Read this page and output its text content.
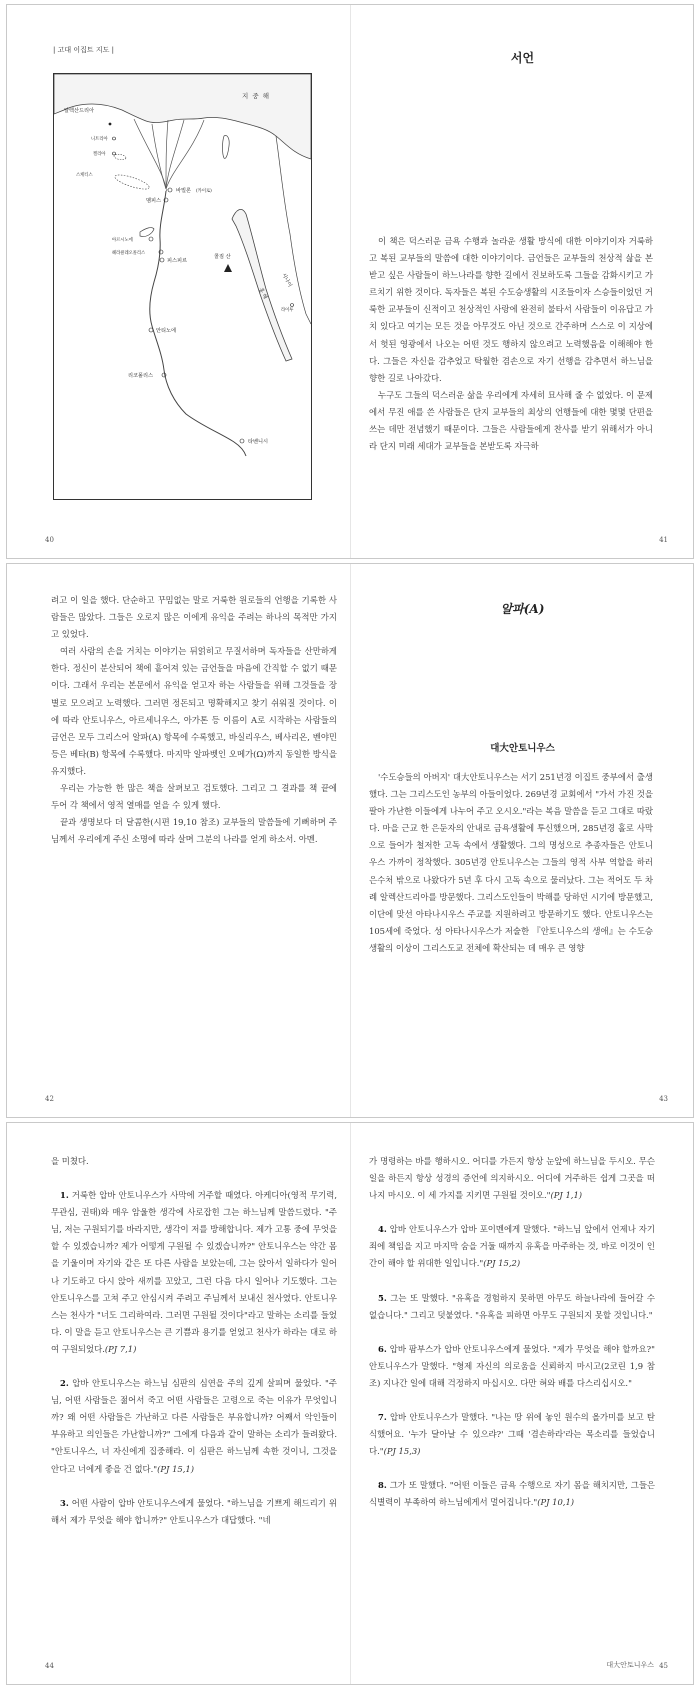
| 고대 이집트 지도 |
지 중 해
홍 해
시나이
알렉산드리아
니트리아
켈리아
스케티스
바빌론 (카이로)
멤피스
아르시노에
헤라클레오폴리스
피스피르
콜짐 산
라이투
안티노에
리코폴리스
타벤니시
40
서언

이 책은 덕스러운 금욕 수행과 놀라운 생활 방식에 대한 이야기이자 거룩하고 복된 교부들의 말씀에 대한 이야기이다. 금언들은 교부들의 천상적 삶을 본받고 싶은 사람들이 하느나라를 향한 길에서 진보하도록 그들을 감화시키고 가르치기 위한 것이다. 독자들은 복된 수도승생활의 시조들이자 스승들이었던 거룩한 교부들이 신적이고 천상적인 사랑에 완전히 불타서 사람들이 이유답고 가치 있다고 여기는 모든 것을 아무것도 아닌 것으로 간주하며 스스로 이 지상에서 헛된 영광에서 나오는 어떤 것도 행하지 않으려고 노력했음을 이해해야 한다. 그들은 자신을 감추었고 탁월한 겸손으로 자기 선행을 감추면서 하느님을 향한 길로 나아갔다.

누구도 그들의 덕스러운 삶을 우리에게 자세히 묘사해 줄 수 없었다. 이 문제에서 무진 애를 쓴 사람들은 단지 교부들의 최상의 언행들에 대한 몇몇 단편을 쓰는 데만 전념했기 때문이다. 그들은 사람들에게 찬사를 받기 위해서가 아니라 단지 미래 세대가 교부들을 본받도록 자극하

41

려고 이 일을 했다. 단순하고 꾸밈없는 말로 거룩한 원로들의 언행을 기록한 사람들은 많았다. 그들은 오로지 많은 이에게 유익을 주려는 하나의 목적만 가지고 있었다.

여러 사람의 손을 거치는 이야기는 뒤얽히고 무질서하며 독자들을 산만하게 한다. 정신이 분산되어 책에 흩어져 있는 금언들을 마음에 간직할 수 없기 때문이다. 그래서 우리는 본문에서 유익을 얻고자 하는 사람들을 위해 그것들을 장별로 모으려고 노력했다. 그러면 정돈되고 명확해지고 찾기 쉬워질 것이다. 이에 따라 안토니우스, 아르세니우스, 아가톤 등 이름이 A로 시작하는 사람들의 금언은 모두 그리스어 알파(A) 항목에 수록했고, 바실리우스, 베사리온, 벤야민 등은 베타(B) 항목에 수록했다. 마지막 알파벳인 오메가(Ω)까지 동일한 방식을 유지했다.

우리는 가능한 한 많은 책을 살펴보고 검토했다. 그리고 그 결과를 책 끝에 두어 각 책에서 영적 열매를 얻을 수 있게 했다.

끝과 생명보다 더 달콤한(시편 19,10 참조) 교부들의 말씀들에 기뻐하며 주님께서 우리에게 주신 소명에 따라 살며 그분의 나라를 얻게 하소서. 아멘.

42
알파(A)
대大안토니우스

'수도승들의 아버지' 대大안토니우스는 서기 251년경 이집트 중부에서 출생했다. 그는 그리스도인 농부의 아들이었다. 269년경 교회에서 "가서 가진 것을 팔아 가난한 이들에게 나누어 주고 오시오."라는 복음 말씀을 듣고 그대로 따랐다. 마을 근교 한 은둔자의 안내로 금욕생활에 투신했으며, 285년경 홀로 사막으로 들어가 철저한 고독 속에서 생활했다. 그의 명성으로 추종자들은 안토니우스 가까이 정착했다. 305년경 안토니우스는 그들의 영적 사부 역할을 하러 은수처 밖으로 나왔다가 5년 후 다시 고독 속으로 물러났다. 그는 적어도 두 차례 알렉산드리아를 방문했다. 그리스도인들이 박해를 당하던 시기에 방문했고, 이단에 맞선 아타나시우스 주교를 지원하려고 방문하기도 했다. 안토니우스는 105세에 죽었다. 성 아타나시우스가 저술한 『안토니우스의 생애』는 수도승생활의 이상이 그리스도교 전체에 확산되는 데 매우 큰 영향

43

을 미쳤다.

1. 거룩한 압바 안토니우스가 사막에 거주할 때였다. 아케디아(영적 무기력, 무관심, 권태)와 매우 암울한 생각에 사로잡힌 그는 하느님께 말씀드렸다. "주님, 저는 구원되기를 바라지만, 생각이 저를 방해합니다. 제가 고통 중에 무엇을 할 수 있겠습니까? 제가 어떻게 구원될 수 있겠습니까?" 안토니우스는 약간 몸을 기울이며 자기와 같은 또 다른 사람을 보았는데, 그는 앉아서 일하다가 일어나 기도하고 다시 앉아 새끼를 꼬았고, 그런 다음 다시 일어나 기도했다. 그는 안토니우스를 고쳐 주고 안심시켜 주려고 주님께서 보내신 천사였다. 안토니우스는 천사가 "너도 그리하여라. 그러면 구원될 것이다"라고 말하는 소리를 들었다. 이 말을 듣고 안토니우스는 큰 기쁨과 용기를 얻었고 천사가 하라는 대로 하여 구원되었다.(PJ 7,1)

2. 압바 안토니우스는 하느님 심판의 심연을 주의 깊게 살피며 물었다. "주님, 어떤 사람들은 젊어서 죽고 어떤 사람들은 고령으로 죽는 이유가 무엇입니까? 왜 어떤 사람들은 가난하고 다른 사람들은 부유합니까? 어째서 악인들이 부유하고 의인들은 가난합니까?" 그에게 다음과 같이 말하는 소리가 들려왔다. "안토니우스, 너 자신에게 집중해라. 이 심판은 하느님께 속한 것이니, 그것을 안다고 너에게 좋을 건 없다."(PJ 15,1)

3. 어떤 사람이 압바 안토니우스에게 물었다. "하느님을 기쁘게 해드리기 위해서 제가 무엇을 해야 합니까?" 안토니우스가 대답했다. "네

44

가 명령하는 바를 행하시오. 어디를 가든지 항상 눈앞에 하느님을 두시오. 무슨 일을 하든지 항상 성경의 증언에 의지하시오. 어디에 거주하든 쉽게 그곳을 떠나지 마시오. 이 세 가지를 지키면 구원될 것이오."(PJ 1,1)

4. 압바 안토니우스가 압바 포이멘에게 말했다. "하느님 앞에서 언제나 자기 죄에 책임을 지고 마지막 숨을 거둘 때까지 유혹을 마주하는 것, 바로 이것이 인간이 해야 할 위대한 일입니다."(PJ 15,2)

5. 그는 또 말했다. "유혹을 경험하지 못하면 아무도 하늘나라에 들어갈 수 없습니다." 그리고 덧붙였다. "유혹을 피하면 아무도 구원되지 못할 것입니다."

6. 압바 팜부스가 압바 안토니우스에게 물었다. "제가 무엇을 해야 할까요?" 안토니우스가 말했다. "형제 자신의 의로움을 신뢰하지 마시고(2코린 1,9 참조) 지나간 일에 대해 걱정하지 마십시오. 다만 혀와 배를 다스리십시오."

7. 압바 안토니우스가 말했다. "나는 땅 위에 놓인 원수의 올가미를 보고 탄식했어요. '누가 달아날 수 있으랴?' 그때 '겸손하라'라는 목소리를 들었습니다."(PJ 15,3)

8. 그가 또 말했다. "어떤 이들은 금욕 수행으로 자기 몸을 해치지만, 그들은 식별력이 부족하여 하느님에게서 멀어집니다."(PJ 10,1)

대大안토니우스 45
